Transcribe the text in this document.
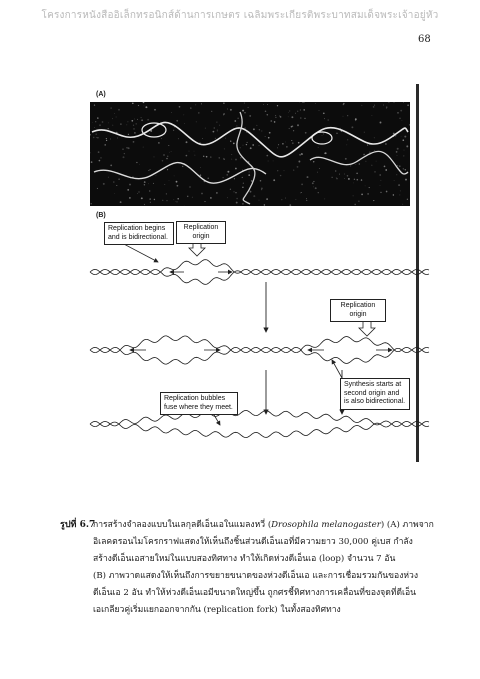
โครงการหนังสืออิเล็กทรอนิกส์ด้านการเกษตร เฉลิมพระเกียรติพระบาทสมเด็จพระเจ้าอยู่หัว
68
(A)
(B)
Replication begins and is bidirectional.
Replication origin
Replication origin
Synthesis starts at second origin and is also bidirectional.
Replication bubbles fuse where they meet.
รูปที่ 6.7

การสร้างจำลองแบบในเลกุลดีเอ็นเอในแมลงหวี่ (Drosophila melanogaster) (A) ภาพจาก

อิเลคตรอนไมโครกราฟแสดงให้เห็นถึงชิ้นส่วนดีเอ็นเอที่มีความยาว 30,000 คู่เบส กำลัง

สร้างดีเอ็นเอสายใหม่ในแบบสองทิศทาง ทำให้เกิดห่วงดีเอ็นเอ (loop) จำนวน 7 อัน

(B) ภาพวาดแสดงให้เห็นถึงการขยายขนาดของห่วงดีเอ็นเอ และการเชื่อมรวมกันของห่วง

ดีเอ็นเอ 2 อัน ทำให้ห่วงดีเอ็นเอมีขนาดใหญ่ขึ้น ถูกศรชี้ทิศทางการเคลื่อนที่ของจุดที่ดีเอ็น

เอเกลียวคู่เริ่มแยกออกจากกัน (replication fork) ในทั้งสองทิศทาง
